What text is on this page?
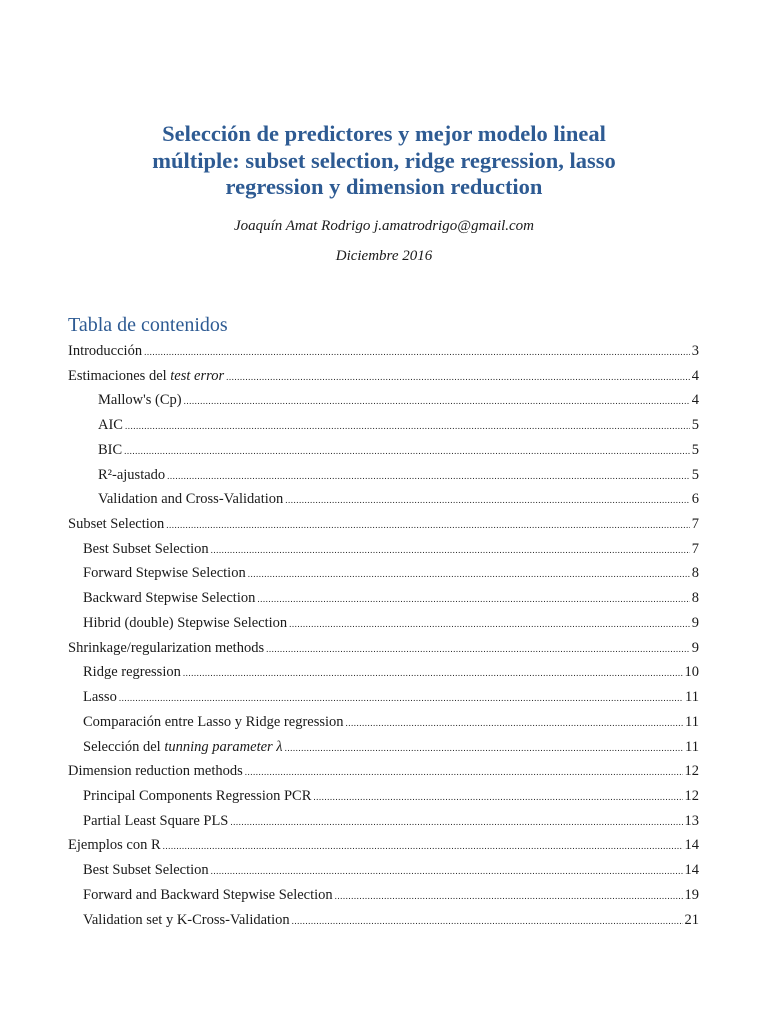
Selección de predictores y mejor modelo lineal
múltiple: subset selection, ridge regression, lasso
regression y dimension reduction
Joaquín Amat Rodrigo j.amatrodrigo@gmail.com
Diciembre 2016
Tabla de contenidos
Introducción .....	3
Estimaciones del test error .....	4
Mallow's (Cp) .....	4
AIC .....	5
BIC .....	5
R²-ajustado .....	5
Validation and Cross-Validation .....	6
Subset Selection .....	7
Best Subset Selection .....	7
Forward Stepwise Selection .....	8
Backward Stepwise Selection .....	8
Hibrid (double) Stepwise Selection .....	9
Shrinkage/regularization methods .....	9
Ridge regression .....	10
Lasso .....	11
Comparación entre Lasso y Ridge regression .....	11
Selección del tunning parameter λ .....	11
Dimension reduction methods .....	12
Principal Components Regression PCR .....	12
Partial Least Square PLS .....	13
Ejemplos con R .....	14
Best Subset Selection .....	14
Forward and Backward Stepwise Selection .....	19
Validation set y K-Cross-Validation .....	21
